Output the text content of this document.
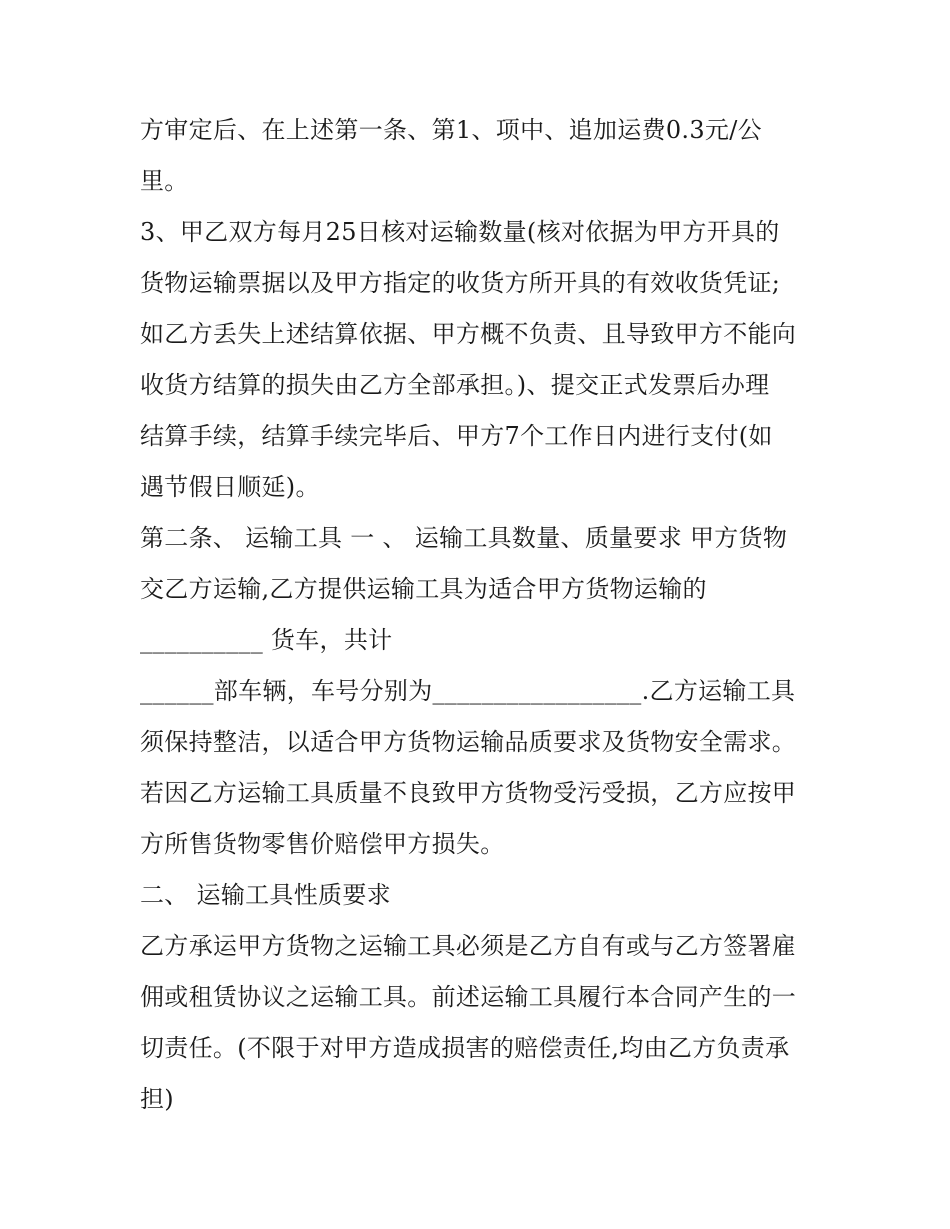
方审定后、在上述第一条、第1、项中、追加运费0.3元/公
里。
3、甲乙双方每月25日核对运输数量(核对依据为甲方开具的
货物运输票据以及甲方指定的收货方所开具的有效收货凭证;
如乙方丢失上述结算依据、甲方概不负责、且导致甲方不能向
收货方结算的损失由乙方全部承担。)、提交正式发票后办理
结算手续，结算手续完毕后、甲方7个工作日内进行支付(如
遇节假日顺延)。
第二条、 运输工具 一 、 运输工具数量、质量要求 甲方货物
交乙方运输,乙方提供运输工具为适合甲方货物运输的
__________ 货车，共计
______部车辆，车号分别为_________________.乙方运输工具
须保持整洁，以适合甲方货物运输品质要求及货物安全需求。
若因乙方运输工具质量不良致甲方货物受污受损，乙方应按甲
方所售货物零售价赔偿甲方损失。
二、 运输工具性质要求
乙方承运甲方货物之运输工具必须是乙方自有或与乙方签署雇
佣或租赁协议之运输工具。前述运输工具履行本合同产生的一
切责任。(不限于对甲方造成损害的赔偿责任,均由乙方负责承
担)
